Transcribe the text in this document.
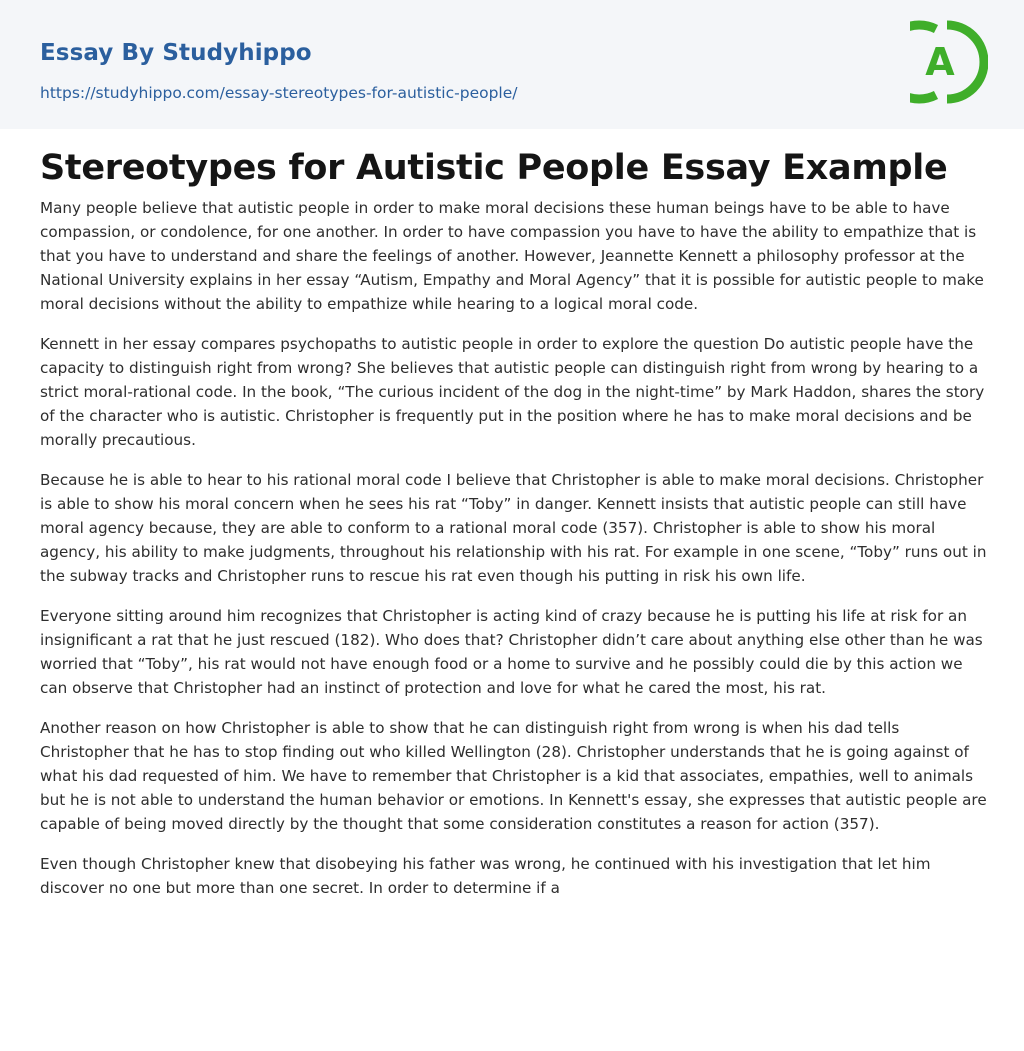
Essay By Studyhippo
https://studyhippo.com/essay-stereotypes-for-autistic-people/
A
Stereotypes for Autistic People Essay Example

Many people believe that autistic people in order to make moral decisions these human beings have to be able to have compassion, or condolence, for one another. In order to have compassion you have to have the ability to empathize that is that you have to understand and share the feelings of another. However, Jeannette Kennett a philosophy professor at the National University explains in her essay “Autism, Empathy and Moral Agency” that it is possible for autistic people to make moral decisions without the ability to empathize while hearing to a logical moral code.

Kennett in her essay compares psychopaths to autistic people in order to explore the question Do autistic people have the capacity to distinguish right from wrong? She believes that autistic people can distinguish right from wrong by hearing to a strict moral-rational code. In the book, “The curious incident of the dog in the night-time” by Mark Haddon, shares the story of the character who is autistic. Christopher is frequently put in the position where he has to make moral decisions and be morally precautious.

Because he is able to hear to his rational moral code I believe that Christopher is able to make moral decisions. Christopher is able to show his moral concern when he sees his rat “Toby” in danger. Kennett insists that autistic people can still have moral agency because, they are able to conform to a rational moral code (357). Christopher is able to show his moral agency, his ability to make judgments, throughout his relationship with his rat. For example in one scene, “Toby” runs out in the subway tracks and Christopher runs to rescue his rat even though his putting in risk his own life.

Everyone sitting around him recognizes that Christopher is acting kind of crazy because he is putting his life at risk for an insignificant a rat that he just rescued (182). Who does that? Christopher didn’t care about anything else other than he was worried that “Toby”, his rat would not have enough food or a home to survive and he possibly could die by this action we can observe that Christopher had an instinct of protection and love for what he cared the most, his rat.

Another reason on how Christopher is able to show that he can distinguish right from wrong is when his dad tells Christopher that he has to stop finding out who killed Wellington (28). Christopher understands that he is going against of what his dad requested of him. We have to remember that Christopher is a kid that associates, empathies, well to animals but he is not able to understand the human behavior or emotions. In Kennett's essay, she expresses that autistic people are capable of being moved directly by the thought that some consideration constitutes a reason for action (357).

Even though Christopher knew that disobeying his father was wrong, he continued with his investigation that let him discover no one but more than one secret. In order to determine if a
